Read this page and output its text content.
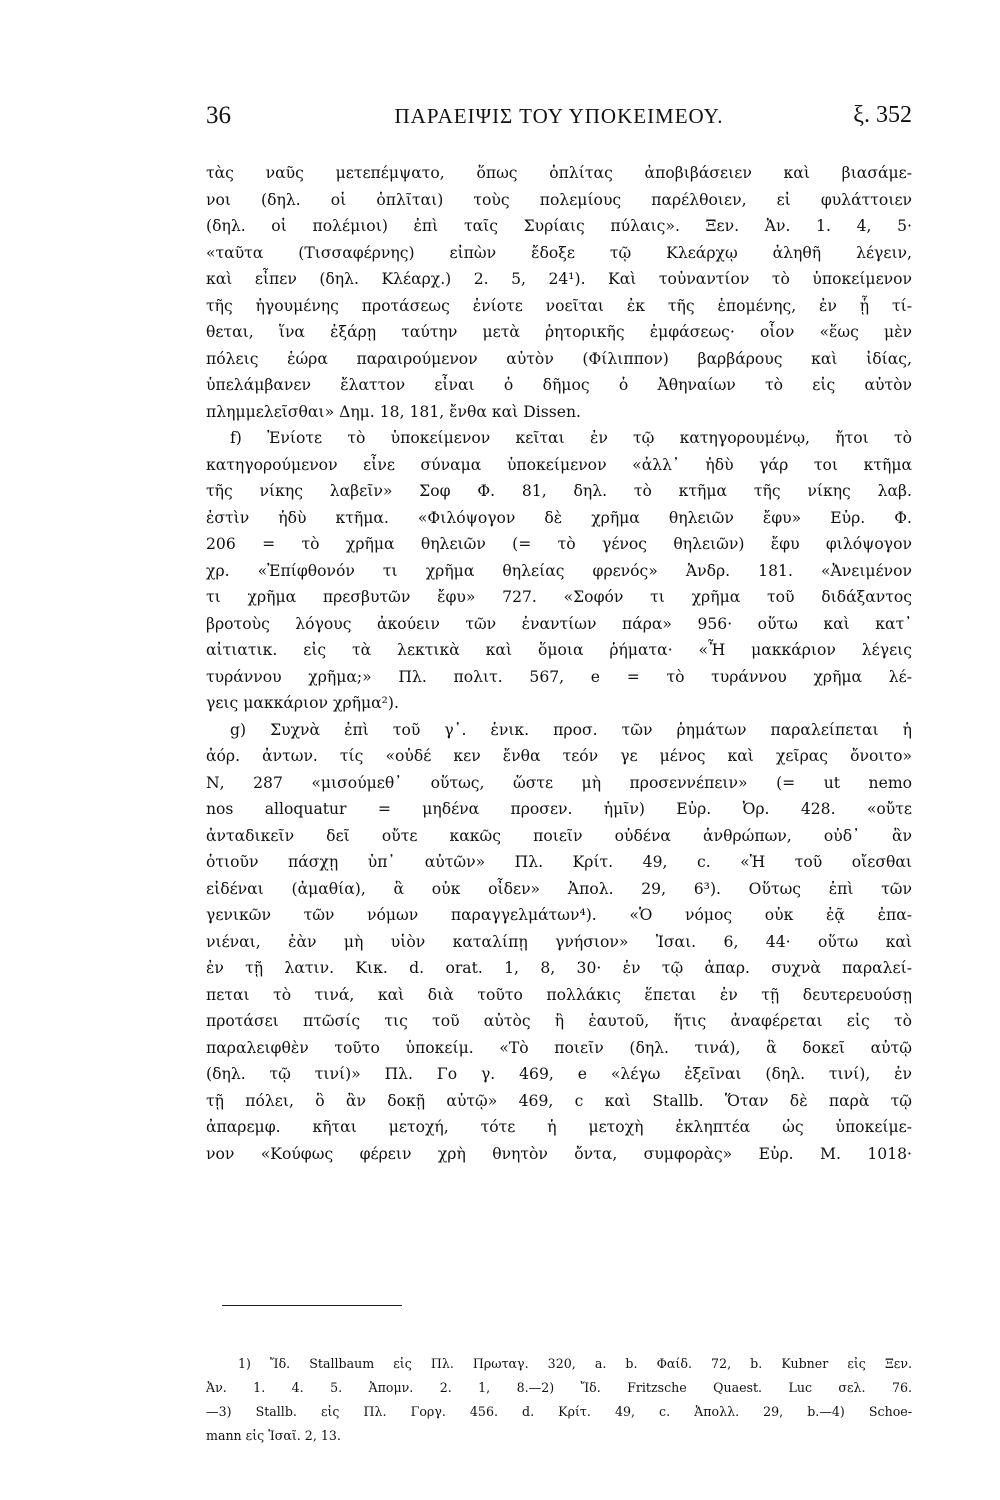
36	ΠΑΡΑΕΙΨΙΣ ΤΟΥ ΥΠΟΚΕΙΜΕΟΥ.	ξ. 352
τὰς ναῦς μετεπέμψατο, ὅπως ὁπλίτας ἀποβιβάσειεν καὶ βιασάμε-
νοι (δηλ. οἱ ὁπλῖται) τοὺς πολεμίους παρέλθοιεν, εἰ φυλάττοιεν
(δηλ. οἱ πολέμιοι) ἐπὶ ταῖς Συρίαις πύλαις». Ξεν. Ἀν. 1. 4, 5·
«ταῦτα (Τισσαφέρνης) εἰπὼν ἔδοξε τῷ Κλεάρχῳ ἀληθῆ λέγειν,
καὶ εἶπεν (δηλ. Κλέαρχ.) 2. 5, 24¹). Καὶ τοὐναντίον τὸ ὑποκείμενον
τῆς ἡγουμένης προτάσεως ἐνίοτε νοεῖται ἐκ τῆς ἑπομένης, ἐν ᾗ τί-
θεται, ἵνα ἐξάρῃ ταύτην μετὰ ῥητορικῆς ἐμφάσεως· οἷον «ἕως μὲν
πόλεις ἑώρα παραιρούμενον αὐτὸν (Φίλιππον) βαρβάρους καὶ ἰδίας,
ὑπελάμβανεν ἔλαττον εἶναι ὁ δῆμος ὁ Ἀθηναίων τὸ εἰς αὐτὸν
πλημμελεῖσθαι» Δημ. 18, 181, ἔνθα καὶ Dissen.
f) Ἐνίοτε τὸ ὑποκείμενον κεῖται ἐν τῷ κατηγορουμένῳ, ἤτοι τὸ
κατηγορούμενον εἶνε σύναμα ὑποκείμενον «ἀλλ᾽ ἡδὺ γάρ τοι κτῆμα
τῆς νίκης λαβεῖν» Σοφ Φ. 81, δηλ. τὸ κτῆμα τῆς νίκης λαβ.
ἐστὶν ἡδὺ κτῆμα. «Φιλόψογον δὲ χρῆμα θηλειῶν ἔφυ» Εὐρ. Φ.
206 = τὸ χρῆμα θηλειῶν (= τὸ γένος θηλειῶν) ἔφυ φιλόψογον
χρ. «Ἐπίφθονόν τι χρῆμα θηλείας φρενός» Ἀνδρ. 181. «Ἀνειμένον
τι χρῆμα πρεσβυτῶν ἔφυ» 727. «Σοφόν τι χρῆμα τοῦ διδάξαντος
βροτοὺς λόγους ἀκούειν τῶν ἐναντίων πάρα» 956· οὕτω καὶ κατ᾽
αἰτιατικ. εἰς τὰ λεκτικὰ καὶ ὅμοια ῥήματα· «Ἦ μακκάριον λέγεις
τυράννου χρῆμα;» Πλ. πολιτ. 567, e = τὸ τυράννου χρῆμα λέ-
γεις μακκάριον χρῆμα²).
g) Συχνὰ ἐπὶ τοῦ γ᾽. ἑνικ. προσ. τῶν ῥημάτων παραλείπεται ἡ
ἀόρ. ἀντων. τίς «οὐδέ κεν ἔνθα τεόν γε μένος καὶ χεῖρας ὄνοιτο»
Ν, 287 «μισούμεθ᾽ οὕτως, ὥστε μὴ προσεννέπειν» (= ut nemo
nos alloquatur = μηδένα προσεν. ἡμῖν) Εὐρ. Ὀρ. 428. «οὔτε
ἀνταδικεῖν δεῖ οὔτε κακῶς ποιεῖν οὐδένα ἀνθρώπων, οὐδ᾽ ἂν
ὁτιοῦν πάσχῃ ὑπ᾽ αὐτῶν» Πλ. Κρίτ. 49, c. «Ἡ τοῦ οἴεσθαι
εἰδέναι (ἀμαθία), ἃ οὐκ οἶδεν» Ἀπολ. 29, 6³). Οὕτως ἐπὶ τῶν
γενικῶν τῶν νόμων παραγγελμάτων⁴). «Ὁ νόμος οὐκ ἐᾷ ἐπα-
νιέναι, ἐὰν μὴ υἱὸν καταλίπῃ γνήσιον» Ἰσαι. 6, 44· οὕτω καὶ
ἐν τῇ λατιν. Κικ. d. orat. 1, 8, 30· ἐν τῷ ἀπαρ. συχνὰ παραλεί-
πεται τὸ τινά, καὶ διὰ τοῦτο πολλάκις ἕπεται ἐν τῇ δευτερευούσῃ
προτάσει πτῶσίς τις τοῦ αὐτὸς ἢ ἑαυτοῦ, ἥτις ἀναφέρεται εἰς τὸ
παραλειφθὲν τοῦτο ὑποκείμ. «Τὸ ποιεῖν (δηλ. τινά), ἃ δοκεῖ αὐτῷ
(δηλ. τῷ τινί)» Πλ. Γο γ. 469, e «λέγω ἐξεῖναι (δηλ. τινί), ἐν
τῇ πόλει, ὃ ἂν δοκῇ αὐτῷ» 469, c καὶ Stallb. Ὅταν δὲ παρὰ τῷ
ἀπαρεμφ. κῆται μετοχή, τότε ἡ μετοχὴ ἐκληπτέα ὡς ὑποκείμε-
νον «Κούφως φέρειν χρὴ θνητὸν ὄντα, συμφορὰς» Εὐρ. Μ. 1018·
1) Ἴδ. Stallbaum εἰς Πλ. Πρωταγ. 320, a. b. Φαίδ. 72, b. Kubner εἰς Ξεν.
Ἀν. 1. 4. 5. Ἀπομν. 2. 1, 8.—2) Ἴδ. Fritzsche Quaest. Luc σελ. 76.
—3) Stallb. εἰς Πλ. Γοργ. 456. d. Κρίτ. 49, c. Ἀπολλ. 29, b.—4) Schoe-
mann εἰς Ἰσαῖ. 2, 13.
